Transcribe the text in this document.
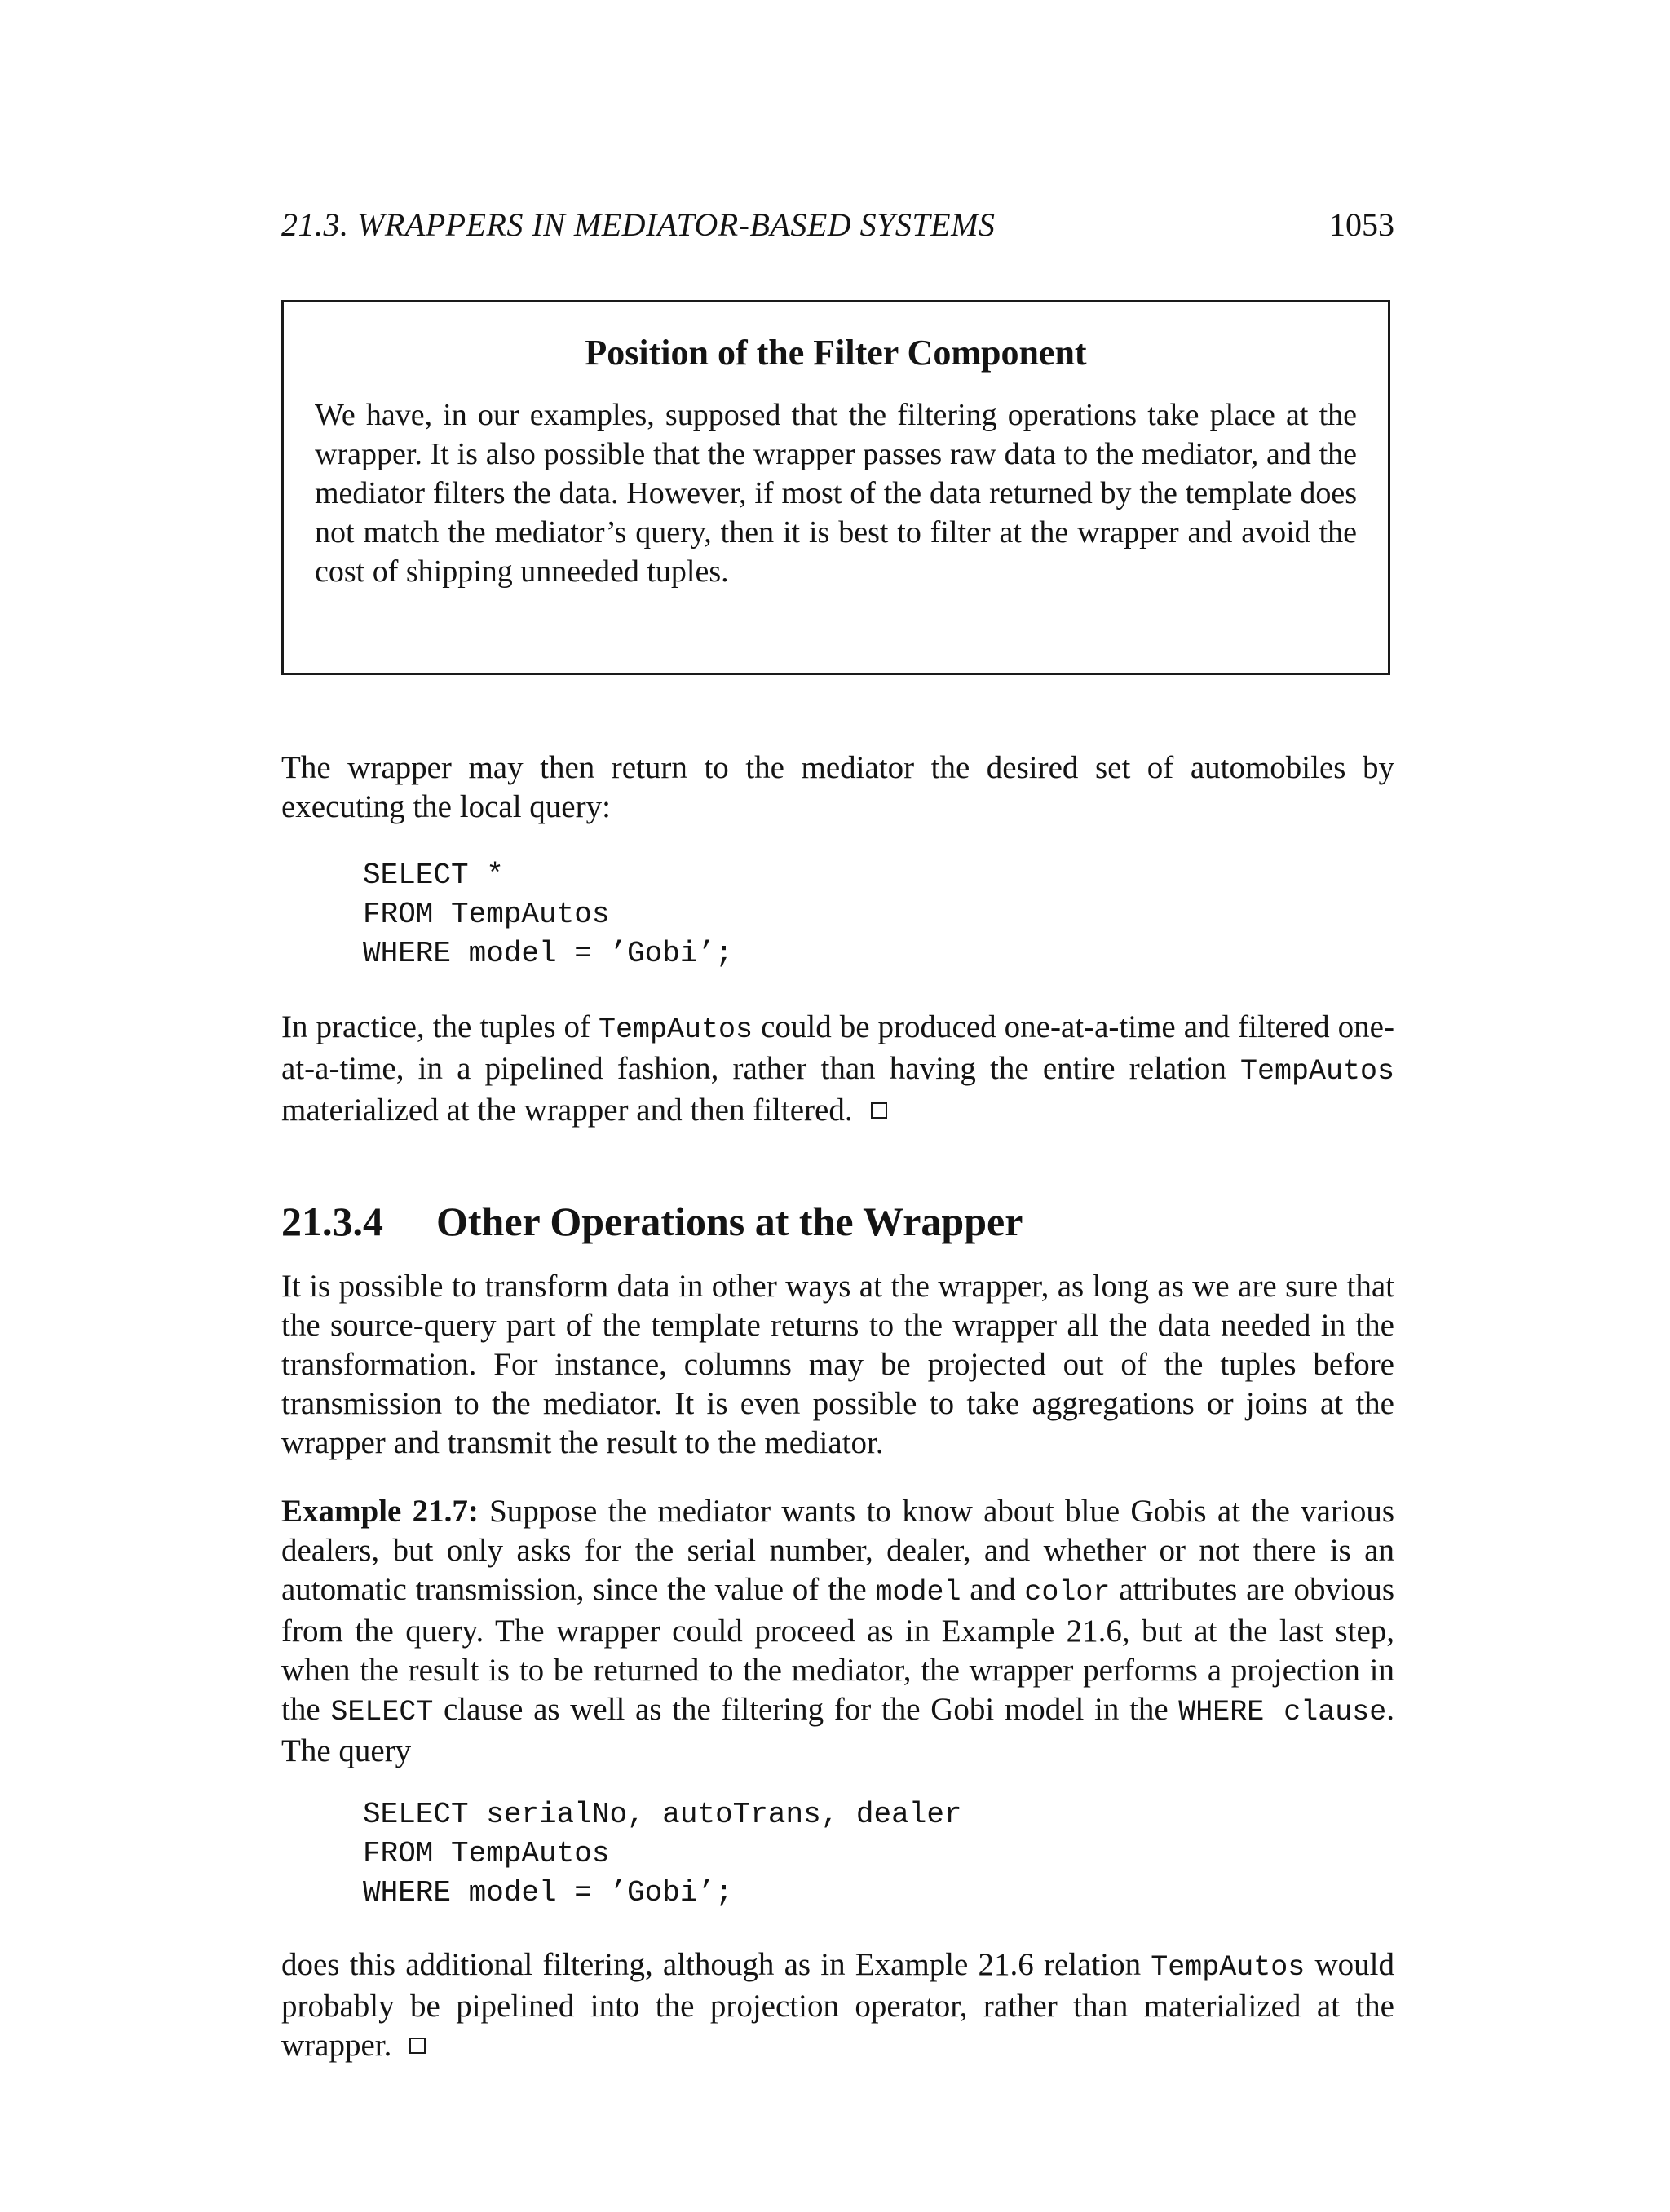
21.3. WRAPPERS IN MEDIATOR-BASED SYSTEMS	1053
Position of the Filter Component

We have, in our examples, supposed that the filtering operations take place at the wrapper. It is also possible that the wrapper passes raw data to the mediator, and the mediator filters the data. However, if most of the data returned by the template does not match the mediator’s query, then it is best to filter at the wrapper and avoid the cost of shipping unneeded tuples.

The wrapper may then return to the mediator the desired set of automobiles by executing the local query:

SELECT *
FROM TempAutos
WHERE model = ’Gobi’;

In practice, the tuples of TempAutos could be produced one-at-a-time and filtered one-at-a-time, in a pipelined fashion, rather than having the entire relation TempAutos materialized at the wrapper and then filtered.

21.3.4 Other Operations at the Wrapper

It is possible to transform data in other ways at the wrapper, as long as we are sure that the source-query part of the template returns to the wrapper all the data needed in the transformation. For instance, columns may be projected out of the tuples before transmission to the mediator. It is even possible to take aggregations or joins at the wrapper and transmit the result to the mediator.

Example 21.7: Suppose the mediator wants to know about blue Gobis at the various dealers, but only asks for the serial number, dealer, and whether or not there is an automatic transmission, since the value of the model and color attributes are obvious from the query. The wrapper could proceed as in Example 21.6, but at the last step, when the result is to be returned to the mediator, the wrapper performs a projection in the SELECT clause as well as the filtering for the Gobi model in the WHERE clause. The query

SELECT serialNo, autoTrans, dealer
FROM TempAutos
WHERE model = ’Gobi’;

does this additional filtering, although as in Example 21.6 relation TempAutos would probably be pipelined into the projection operator, rather than materialized at the wrapper.
